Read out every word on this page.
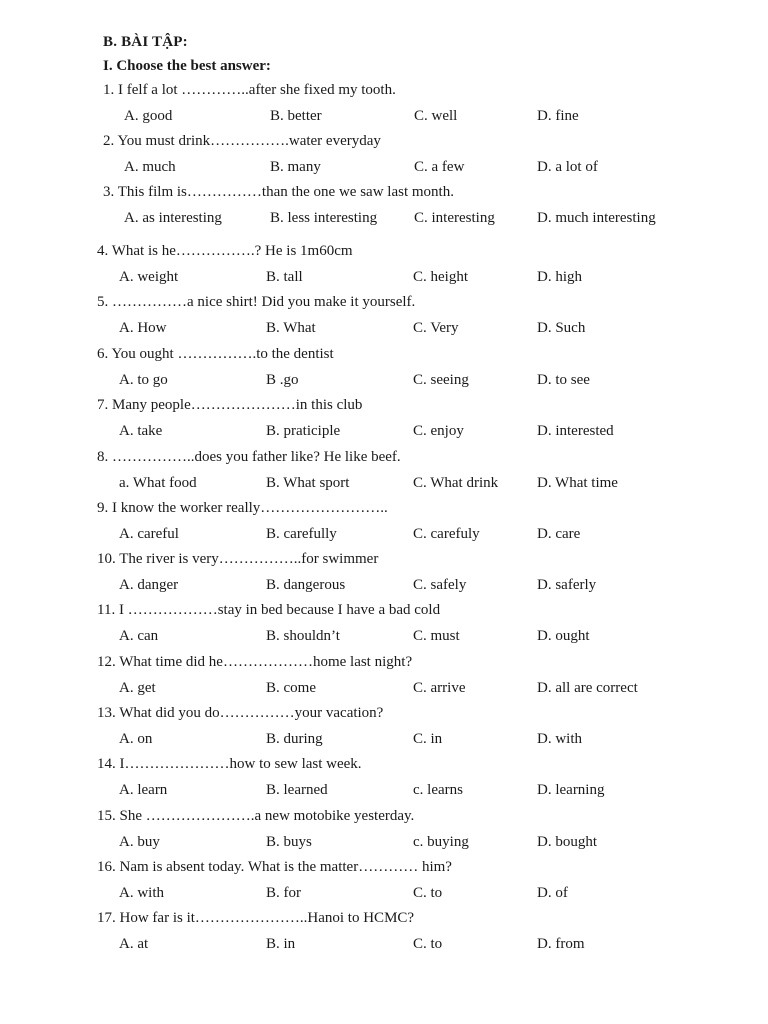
B. BÀI TẬP:
I. Choose the best answer:
1. I felf a lot …………..after she fixed my tooth.
A. good	B. better	C. well	D. fine
2. You must drink…………….water everyday
A. much	B. many	C. a few	D. a lot of
3. This film is……………than the one we saw last month.
A. as interesting	B. less interesting C. interesting	D. much interesting
4. What is he…………….? He is 1m60cm
A. weight	B. tall	C. height	D. high
5. ……………a nice shirt! Did you make it yourself.
A. How	B. What	C. Very	D. Such
6. You ought …………….to the dentist
A. to go	B .go	C. seeing	D. to see
7. Many people…………………in this club
A. take	B. praticiple	C. enjoy	D. interested
8. ……………..does you father like? He like beef.
a. What food	B. What sport	C. What drink	D. What time
9. I know the worker really……………………..
A. careful	B. carefully	C. carefuly	D. care
10. The river is very……………..for swimmer
A. danger	B. dangerous	C. safely	D. saferly
11. I ………………stay in bed because I have a bad cold
A. can	B. shouldn’t	C. must	D. ought
12. What time did he………………home last night?
A. get	B. come	C. arrive	D. all are correct
13. What did you do……………your vacation?
A. on	B. during	C. in	D. with
14. I…………………how to sew last week.
A. learn	B. learned	c. learns	D. learning
15. She ………………….a new motobike yesterday.
A. buy	B. buys	c. buying	D. bought
16. Nam is absent today. What is the matter………… him?
A. with	B. for	C. to	D. of
17. How far is it…………………..Hanoi to HCMC?
A. at	B. in	C. to	D. from
